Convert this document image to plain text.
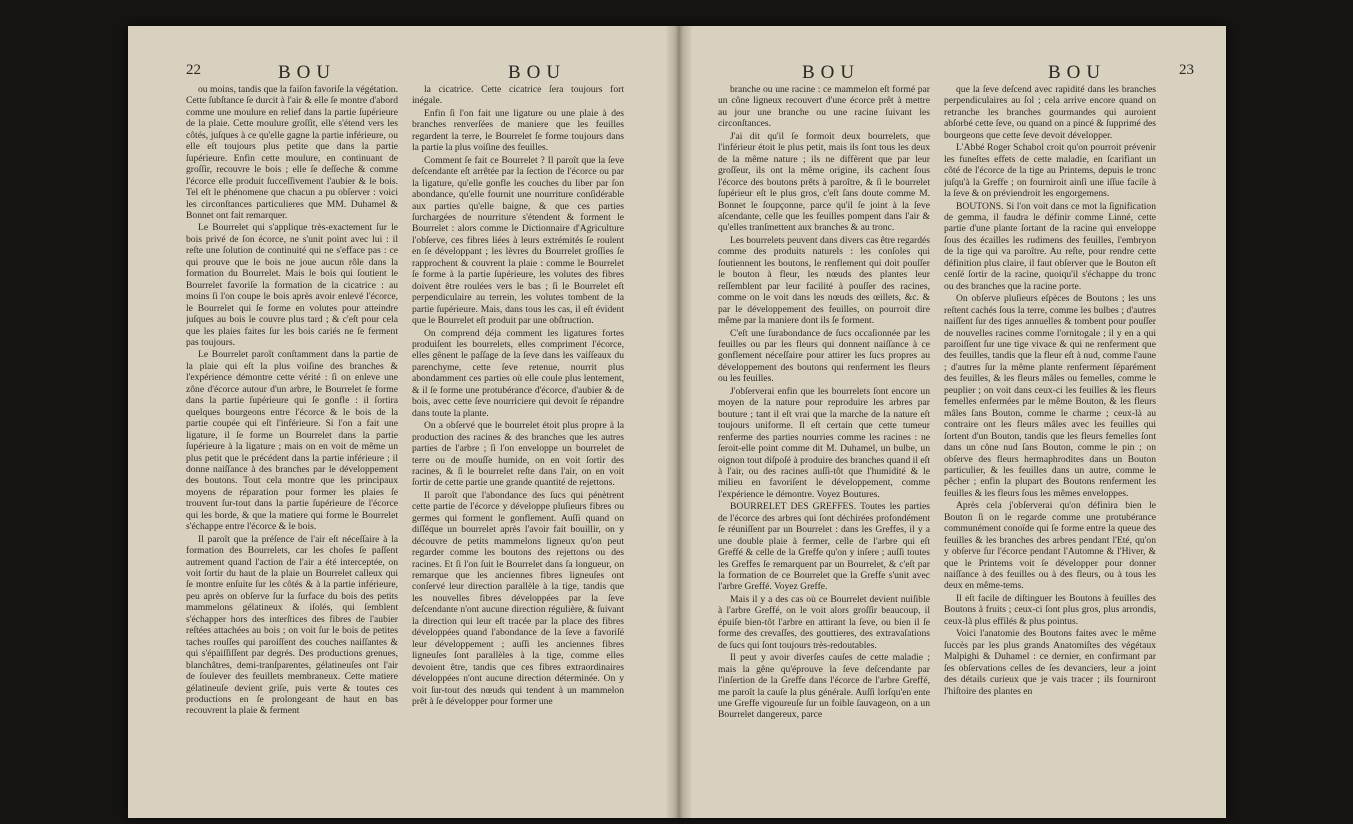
22	BOU	BOU

ou moins, tandis que la faiſon favoriſe la végétation. Cette ſubſtance ſe durcit à l'air & elle ſe montre d'abord comme une moulure en relief dans la partie ſupérieure de la plaie. Cette moulure groſſit, elle s'étend vers les côtés, juſques à ce qu'elle gagne la partie inférieure, ou elle eſt toujours plus petite que dans la partie ſupérieure. Enfin cette moulure, en continuant de groſſir, recouvre le bois ; elle ſe deſſeche & comme l'écorce elle produit ſucceſſivement l'aubier & le bois. Tel eſt le phénomene que chacun a pu obſerver : voici les circonſtances particulieres que MM. Duhamel & Bonnet ont fait remarquer.

Le Bourrelet qui s'applique très-exactement ſur le bois privé de ſon écorce, ne s'unit point avec lui : il reſte une ſolution de continuité qui ne s'efface pas : ce qui prouve que le bois ne joue aucun rôle dans la formation du Bourrelet. Mais le bois qui ſoutient le Bourrelet favoriſe la formation de la cicatrice : au moins ſi l'on coupe le bois après avoir enlevé l'écorce, le Bourrelet qui ſe forme en volutes pour atteindre juſques au bois le couvre plus tard ; & c'eſt pour cela que les plaies faites ſur les bois cariés ne ſe ferment pas toujours.

Le Bourrelet paroît conſtamment dans la partie de la plaie qui eſt la plus voiſine des branches & l'expérience démontre cette vérité : ſi on enleve une zône d'écorce autour d'un arbre, le Bourrelet ſe forme dans la partie ſupérieure qui ſe gonfle : il ſortira quelques bourgeons entre l'écorce & le bois de la partie coupée qui eſt l'inférieure. Si l'on a fait une ligature, il ſe forme un Bourrelet dans la partie ſupérieure à la ligature ; mais on en voit de même un plus petit que le précédent dans la partie inférieure ; il donne naiſſance à des branches par le développement des boutons. Tout cela montre que les principaux moyens de réparation pour former les plaies ſe trouvent ſur-tout dans la partie ſupérieure de l'écorce qui les borde, & que la matiere qui forme le Bourrelet s'échappe entre l'écorce & le bois.

Il paroît que la préſence de l'air eſt néceſſaire à la formation des Bourrelets, car les choſes ſe paſſent autrement quand l'action de l'air a été interceptée, on voit ſortir du haut de la plaie un Bourrelet calleux qui ſe montre enſuite ſur les côtés & à la partie inférieure, peu après on obſerve ſur la ſurface du bois des petits mammelons gélatineux & iſolés, qui ſemblent s'échapper hors des interſtices des fibres de l'aubier reſtées attachées au bois ; on voit ſur le bois de petites taches rouſſes qui paroiſſent des couches naiſſantes & qui s'épaiſſiſſent par degrés. Des productions grenues, blanchâtres, demi-tranſparentes, gélatineuſes ont l'air de ſoulever des feuillets membraneux. Cette matiere gélatineuſe devient griſe, puis verte & toutes ces productions en ſe prolongeant de haut en bas recouvrent la plaie & ferment

la cicatrice. Cette cicatrice ſera toujours fort inégale.

Enfin ſi l'on fait une ligature ou une plaie à des branches renverſées de maniere que les feuilles regardent la terre, le Bourrelet ſe forme toujours dans la partie la plus voiſine des feuilles.

Comment ſe fait ce Bourrelet ? Il paroît que la ſeve deſcendante eſt arrêtée par la ſection de l'écorce ou par la ligature, qu'elle gonfle les couches du liber par ſon abondance, qu'elle fournit une nourriture conſidérable aux parties qu'elle baigne, & que ces parties ſurchargées de nourriture s'étendent & forment le Bourrelet : alors comme le Dictionnaire d'Agriculture l'obſerve, ces fibres liées à leurs extrémités ſe roulent en ſe développant ; les lèvres du Bourrelet groſſies ſe rapprochent & couvrent la plaie : comme le Bourrelet ſe forme à la partie ſupérieure, les volutes des fibres doivent être roulées vers le bas ; ſi le Bourrelet eſt perpendiculaire au terrein, les volutes tombent de la partie ſupérieure. Mais, dans tous les cas, il eſt évident que le Bourrelet eſt produit par une obſtruction.

On comprend déja comment les ligatures fortes produiſent les bourrelets, elles compriment l'écorce, elles gênent le paſſage de la ſeve dans les vaiſſeaux du parenchyme, cette ſeve retenue, nourrit plus abondamment ces parties où elle coule plus lentement, & il ſe forme une protubérance d'écorce, d'aubier & de bois, avec cette ſeve nourriciere qui devoit ſe répandre dans toute la plante.

On a obſervé que le bourrelet étoit plus propre à la production des racines & des branches que les autres parties de l'arbre ; ſi l'on enveloppe un bourrelet de terre ou de mouſſe humide, on en voit ſortir des racines, & ſi le bourrelet reſte dans l'air, on en voit ſortir de cette partie une grande quantité de rejettons.

Il paroît que l'abondance des ſucs qui pénètrent cette partie de l'écorce y développe pluſieurs fibres ou germes qui forment le gonflement. Auſſi quand on diſſéque un bourrelet après l'avoir fait bouillir, on y découvre de petits mammelons ligneux qu'on peut regarder comme les boutons des rejettons ou des racines. Et ſi l'on ſuit le Bourrelet dans ſa longueur, on remarque que les anciennes fibres ligneuſes ont conſervé leur direction parallèle à la tige, tandis que les nouvelles fibres développées par la ſeve deſcendante n'ont aucune direction régulière, & ſuivant la direction qui leur eſt tracée par la place des fibres développées quand l'abondance de la ſeve a favoriſé leur développement ; auſſi les anciennes fibres ligneuſes ſont parallèles à la tige, comme elles devoient être, tandis que ces fibres extraordinaires développées n'ont aucune direction déterminée. On y voit ſur-tout des nœuds qui tendent à un mammelon prêt à ſe développer pour former une

BOU	BOU	23

branche ou une racine : ce mammelon eſt formé par un cône ligneux recouvert d'une écorce prêt à mettre au jour une branche ou une racine ſuivant les circonſtances.

J'ai dit qu'il ſe formoit deux bourrelets, que l'inférieur étoit le plus petit, mais ils ſont tous les deux de la même nature ; ils ne diffèrent que par leur groſſeur, ils ont la même origine, ils cachent ſous l'écorce des boutons prêts à paroître, & ſi le bourrelet ſupérieur eſt le plus gros, c'eſt ſans doute comme M. Bonnet le ſoupçonne, parce qu'il ſe joint à la ſeve aſcendante, celle que les feuilles pompent dans l'air & qu'elles tranſmettent aux branches & au tronc.

Les bourrelets peuvent dans divers cas être regardés comme des produits naturels : les conſoles qui ſoutiennent les boutons, le renflement qui doit pouſſer le bouton à fleur, les nœuds des plantes leur reſſemblent par leur facilité à pouſſer des racines, comme on le voit dans les nœuds des œillets, &c. & par le développement des feuilles, on pourroit dire même par la maniere dont ils ſe forment.

C'eſt une ſurabondance de ſucs occaſionnée par les feuilles ou par les fleurs qui donnent naiſſance à ce gonflement néceſſaire pour attirer les ſucs propres au développement des boutons qui renferment les fleurs ou les feuilles.

J'obſerverai enfin que les bourrelets ſont encore un moyen de la nature pour reproduire les arbres par bouture ; tant il eſt vrai que la marche de la nature eſt toujours uniforme. Il eſt certain que cette tumeur renferme des parties nourries comme les racines : ne ſeroit-elle point comme dit M. Duhamel, un bulbe, un oignon tout diſpoſé à produire des branches quand il eſt à l'air, ou des racines auſſi-tôt que l'humidité & le milieu en favoriſent le développement, comme l'expérience le démontre. Voyez Boutures.

BOURRELET DES GREFFES. Toutes les parties de l'écorce des arbres qui ſont déchirées profondément ſe réuniſſent par un Bourrelet : dans les Greffes, il y a une double plaie à fermer, celle de l'arbre qui eſt Greffé & celle de la Greffe qu'on y inſere ; auſſi toutes les Greffes ſe remarquent par un Bourrelet, & c'eſt par la formation de ce Bourrelet que la Greffe s'unit avec l'arbre Greffé. Voyez Greffe.

Mais il y a des cas où ce Bourrelet devient nuiſible à l'arbre Greffé, on le voit alors groſſir beaucoup, il épuiſe bien-tôt l'arbre en attirant la ſeve, ou bien il ſe forme des crevaſſes, des gouttieres, des extravaſations de ſucs qui ſont toujours très-redoutables.

Il peut y avoir diverſes cauſes de cette maladie ; mais la gêne qu'éprouve la ſeve deſcendante par l'inſertion de la Greffe dans l'écorce de l'arbre Greffé, me paroît la cauſe la plus générale. Auſſi lorſqu'en ente une Greffe vigoureuſe ſur un foible ſauvageon, on a un Bourrelet dangereux, parce

que la ſeve deſcend avec rapidité dans les branches perpendiculaires au ſol ; cela arrive encore quand on retranche les branches gourmandes qui auroient abſorbé cette ſeve, ou quand on a pincé & ſupprimé des bourgeons que cette ſeve devoit développer.

L'Abbé Roger Schabol croit qu'on pourroit prévenir les funeſtes effets de cette maladie, en ſcarifiant un côté de l'écorce de la tige au Printems, depuis le tronc juſqu'à la Greffe ; on fourniroit ainſi une iſſue facile à la ſeve & on préviendroit les engorgemens.

BOUTONS. Si l'on voit dans ce mot la ſignification de gemma, il faudra le définir comme Linné, cette partie d'une plante ſortant de la racine qui enveloppe ſous des écailles les rudimens des feuilles, l'embryon de la tige qui va paroître. Au reſte, pour rendre cette définition plus claire, il faut obſerver que le Bouton eſt cenſé ſortir de la racine, quoiqu'il s'échappe du tronc ou des branches que la racine porte.

On obſerve pluſieurs eſpèces de Boutons ; les uns reſtent cachés ſous la terre, comme les bulbes ; d'autres naiſſent ſur des tiges annuelles & tombent pour pouſſer de nouvelles racines comme l'ornitogale ; il y en a qui paroiſſent ſur une tige vivace & qui ne renferment que des feuilles, tandis que la fleur eſt à nud, comme l'aune ; d'autres ſur la même plante renferment ſéparément des feuilles, & les fleurs mâles ou femelles, comme le peuplier ; on voit dans ceux-ci les feuilles & les fleurs femelles enfermées par le même Bouton, & les fleurs mâles ſans Bouton, comme le charme ; ceux-là au contraire ont les fleurs mâles avec les feuilles qui ſortent d'un Bouton, tandis que les fleurs femelles ſont dans un cône nud ſans Bouton, comme le pin ; on obſerve des fleurs hermaphrodites dans un Bouton particulier, & les feuilles dans un autre, comme le pêcher ; enfin la plupart des Boutons renferment les feuilles & les fleurs ſous les mêmes enveloppes.

Après cela j'obſerverai qu'on définira bien le Bouton ſi on le regarde comme une protubérance communément conoïde qui ſe forme entre la queue des feuilles & les branches des arbres pendant l'Eté, qu'on y obſerve ſur l'écorce pendant l'Automne & l'Hiver, & que le Printems voit ſe développer pour donner naiſſance à des feuilles ou à des fleurs, ou à tous les deux en même-tems.

Il eſt facile de diſtinguer les Boutons à feuilles des Boutons à fruits ; ceux-ci ſont plus gros, plus arrondis, ceux-là plus effilés & plus pointus.

Voici l'anatomie des Boutons faites avec le même ſuccès par les plus grands Anatomiſtes des végétaux Malpighi & Duhamel : ce dernier, en confirmant par ſes obſervations celles de ſes devanciers, leur a joint des détails curieux que je vais tracer ; ils fourniront l'hiſtoire des plantes en
